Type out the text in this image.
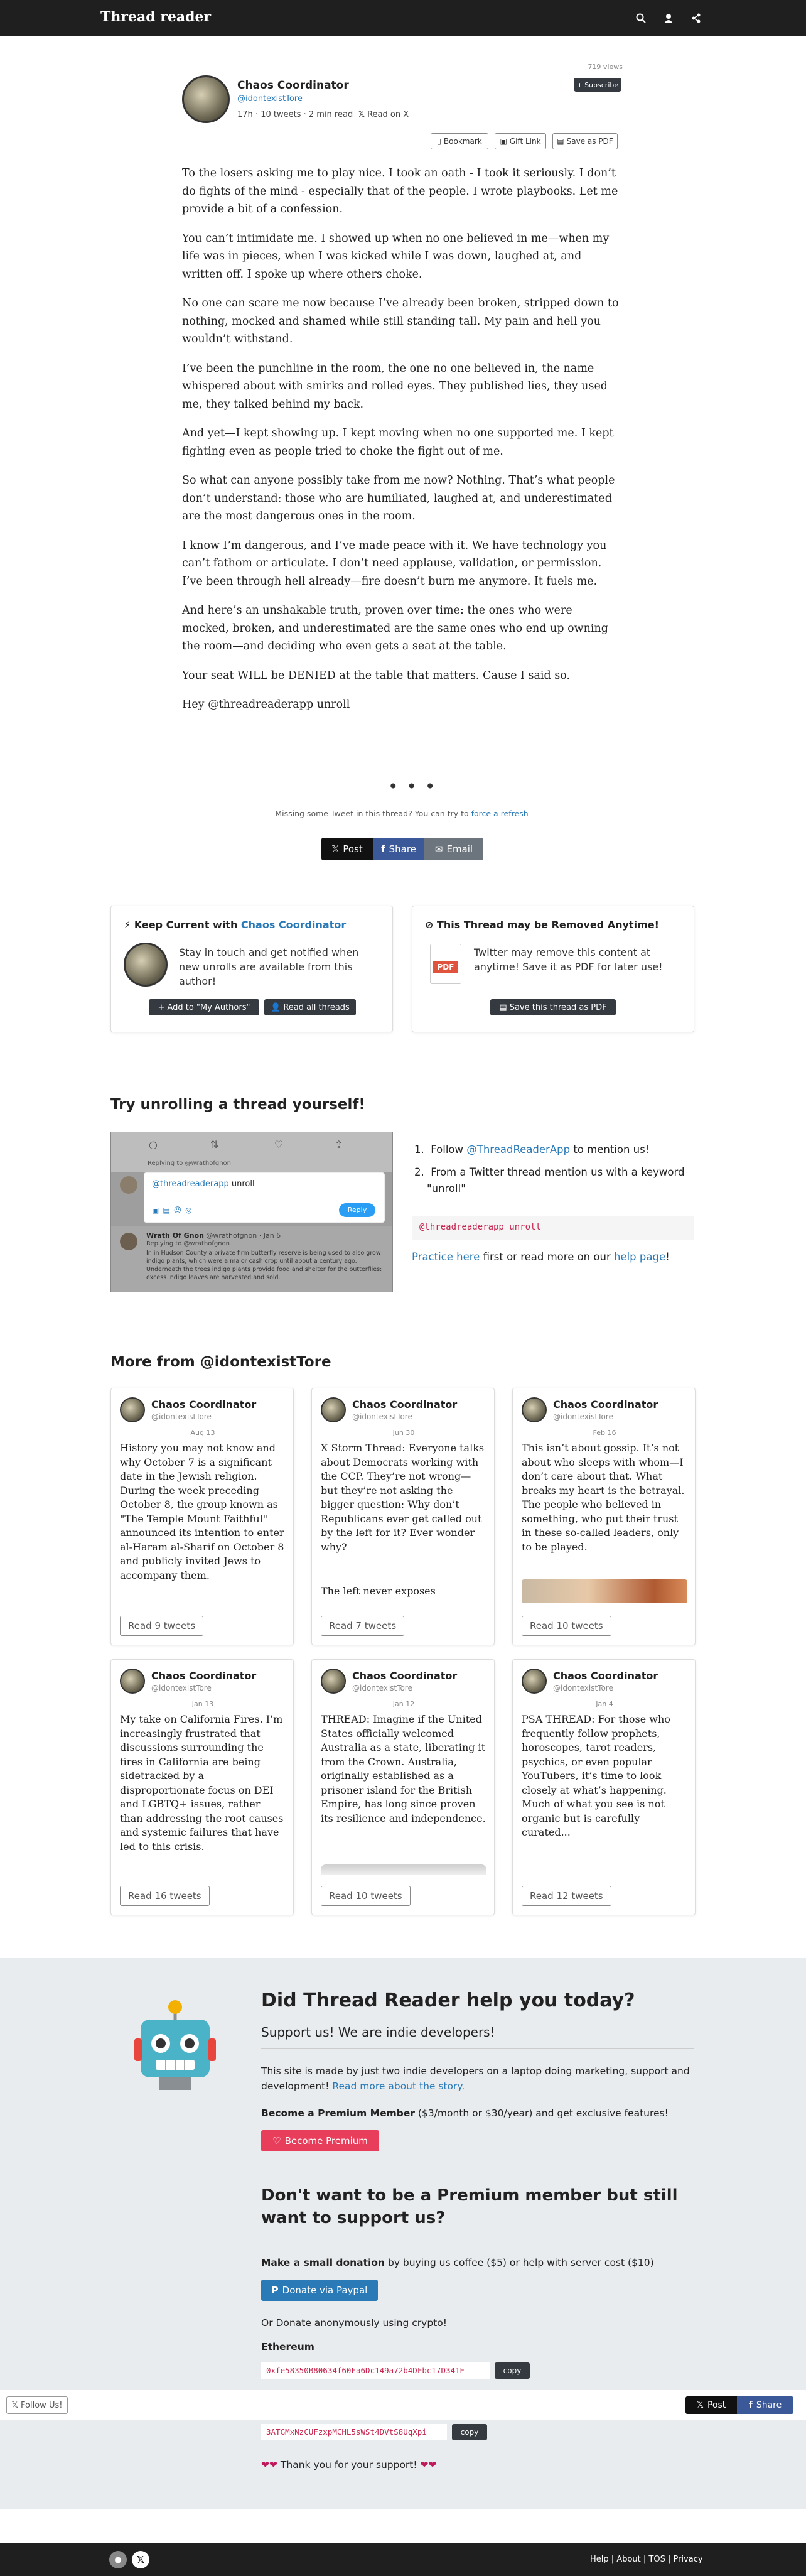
Thread reader
Chaos Coordinator
@idontexistTore
17h · 10 tweets · 2 min read 𝕏 Read on X
719 views
+ Subscribe
▯ Bookmark ▣ Gift Link ▤ Save as PDF

To the losers asking me to play nice. I took an oath - I took it seriously. I don’t do fights of the mind - especially that of the people. I wrote playbooks. Let me provide a bit of a confession.

You can’t intimidate me. I showed up when no one believed in me—when my life was in pieces, when I was kicked while I was down, laughed at, and written off. I spoke up where others choke.

No one can scare me now because I’ve already been broken, stripped down to nothing, mocked and shamed while still standing tall. My pain and hell you wouldn’t withstand.

I’ve been the punchline in the room, the one no one believed in, the name whispered about with smirks and rolled eyes. They published lies, they used me, they talked behind my back.

And yet—I kept showing up. I kept moving when no one supported me. I kept fighting even as people tried to choke the fight out of me.

So what can anyone possibly take from me now? Nothing. That’s what people don’t understand: those who are humiliated, laughed at, and underestimated are the most dangerous ones in the room.

I know I’m dangerous, and I’ve made peace with it. We have technology you can’t fathom or articulate. I don’t need applause, validation, or permission. I’ve been through hell already—fire doesn’t burn me anymore. It fuels me.

And here’s an unshakable truth, proven over time: the ones who were mocked, broken, and underestimated are the same ones who end up owning the room—and deciding who even gets a seat at the table.

Your seat WILL be DENIED at the table that matters. Cause I said so.

Hey @threadreaderapp unroll

• • •
Missing some Tweet in this thread? You can try to force a refresh
𝕏 Post f Share ✉ Email
⚡ Keep Current with Chaos Coordinator
Stay in touch and get notified when new unrolls are available from this author!
+ Add to "My Authors"	👤 Read all threads
⊘ This Thread may be Removed Anytime!
PDF
Twitter may remove this content at anytime! Save it as PDF for later use!
▤ Save this thread as PDF
Try unrolling a thread yourself!
○	⇅	♡	⇪
Replying to @wrathofgnon
@threadreaderapp unroll
▣▤☺◎	Reply
Wrath Of Gnon @wrathofgnon · Jan 6
Replying to @wrathofgnon
In in Hudson County a private firm butterfly reserve is being used to also grow indigo plants, which were a major cash crop until about a century ago. Underneath the trees indigo plants provide food and shelter for the butterflies: excess indigo leaves are harvested and sold.
1.  Follow @ThreadReaderApp to mention us!
2.  From a Twitter thread mention us with a keyword "unroll"
@threadreaderapp unroll
Practice here first or read more on our help page!
More from @idontexistTore
Chaos Coordinator
@idontexistTore
Aug 13
History you may not know and why October 7 is a significant date in the Jewish religion. During the week preceding October 8, the group known as "The Temple Mount Faithful" announced its intention to enter al-Haram al-Sharif on October 8 and publicly invited Jews to accompany them.
Read 9 tweets
Chaos Coordinator
@idontexistTore
Jun 30
X Storm Thread: Everyone talks about Democrats working with the CCP. They’re not wrong—but they’re not asking the bigger question: Why don’t Republicans ever get called out by the left for it? Ever wonder why?
The left never exposes
Read 7 tweets
Chaos Coordinator
@idontexistTore
Feb 16
This isn’t about gossip. It’s not about who sleeps with whom—I don’t care about that. What breaks my heart is the betrayal. The people who believed in something, who put their trust in these so-called leaders, only to be played.
Read 10 tweets
Chaos Coordinator
@idontexistTore
Jan 13
My take on California Fires. I’m increasingly frustrated that discussions surrounding the fires in California are being sidetracked by a disproportionate focus on DEI and LGBTQ+ issues, rather than addressing the root causes and systemic failures that have led to this crisis.
Read 16 tweets
Chaos Coordinator
@idontexistTore
Jan 12
THREAD: Imagine if the United States officially welcomed Australia as a state, liberating it from the Crown. Australia, originally established as a prisoner island for the British Empire, has long since proven its resilience and independence.
Read 10 tweets
Chaos Coordinator
@idontexistTore
Jan 4
PSA THREAD: For those who frequently follow prophets, horoscopes, tarot readers, psychics, or even popular YouTubers, it’s time to look closely at what’s happening. Much of what you see is not organic but is carefully curated...
Read 12 tweets
Did Thread Reader help you today?
Support us! We are indie developers!
This site is made by just two indie developers on a laptop doing marketing, support and development! Read more about the story.
Become a Premium Member ($3/month or $30/year) and get exclusive features!
♡ Become Premium
Don't want to be a Premium member but still want to support us?
Make a small donation by buying us coffee ($5) or help with server cost ($10)
P Donate via Paypal
Or Donate anonymously using crypto!
Ethereum
0xfe58350B80634f60Fa6Dc149a72b4DFbc17D341E	copy
3ATGMxNzCUFzxpMCHL5sWSt4DVtS8UqXpi	copy
❤❤ Thank you for your support! ❤❤
𝕏 Follow Us!	𝕏 Post	f Share
●	𝕏	Help | About | TOS | Privacy
